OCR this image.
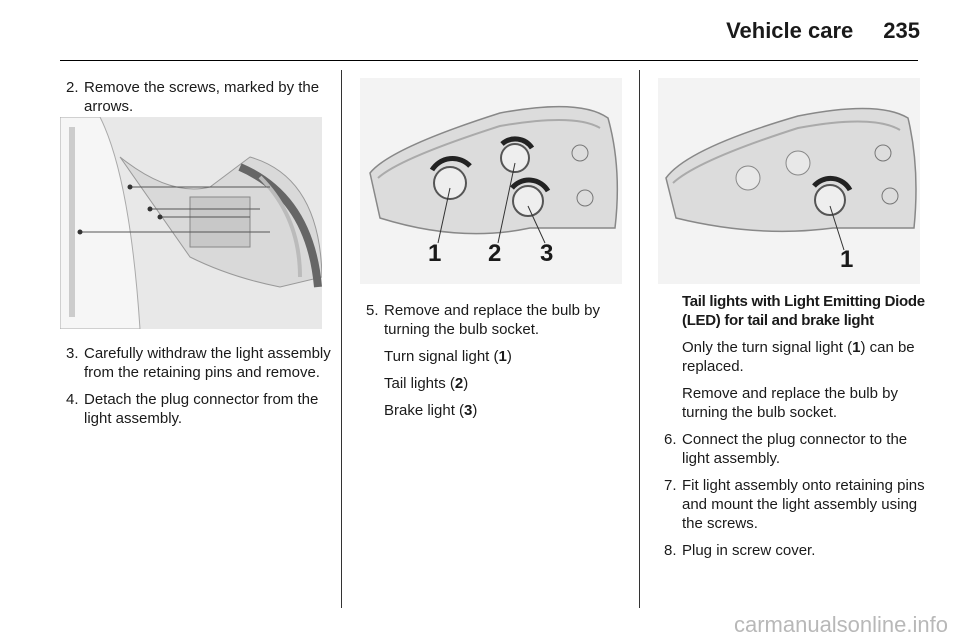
Vehicle care 235
2. Remove the screws, marked by the arrows.
3. Carefully withdraw the light assembly from the retaining pins and remove.
4. Detach the plug connector from the light assembly.
1 2 3
5. Remove and replace the bulb by turning the bulb socket.
Turn signal light (1)
Tail lights (2)
Brake light (3)
1
Tail lights with Light Emitting Diode (LED) for tail and brake light
Only the turn signal light (1) can be replaced.
Remove and replace the bulb by turning the bulb socket.
6. Connect the plug connector to the light assembly.
7. Fit light assembly onto retaining pins and mount the light assembly using the screws.
8. Plug in screw cover.
carmanualsonline.info
